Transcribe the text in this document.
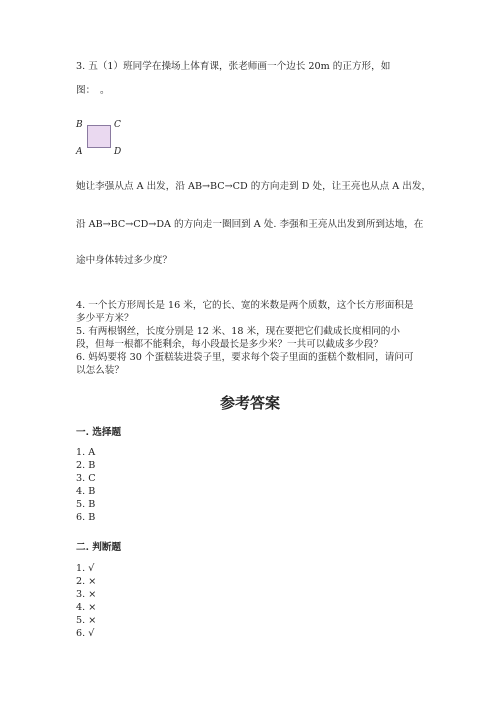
3. 五（1）班同学在操场上体育课，张老师画一个边长 20m 的正方形，如
图：　。
B	C
A	D
她让李强从点 A 出发，沿 AB→BC→CD 的方向走到 D 处，让王亮也从点 A 出发，
沿 AB→BC→CD→DA 的方向走一圈回到 A 处. 李强和王亮从出发到所到达地，在
途中身体转过多少度？
4. 一个长方形周长是 16 米，它的长、宽的米数是两个质数，这个长方形面积是
多少平方米？
5. 有两根钢丝，长度分别是 12 米、18 米，现在要把它们截成长度相同的小
段，但每一根都不能剩余，每小段最长是多少米？一共可以截成多少段？
6. 妈妈要将 30 个蛋糕装进袋子里，要求每个袋子里面的蛋糕个数相同，请问可
以怎么装？
参考答案
一. 选择题
1. A
2. B
3. C
4. B
5. B
6. B
二. 判断题
1. √
2. ×
3. ×
4. ×
5. ×
6. √
